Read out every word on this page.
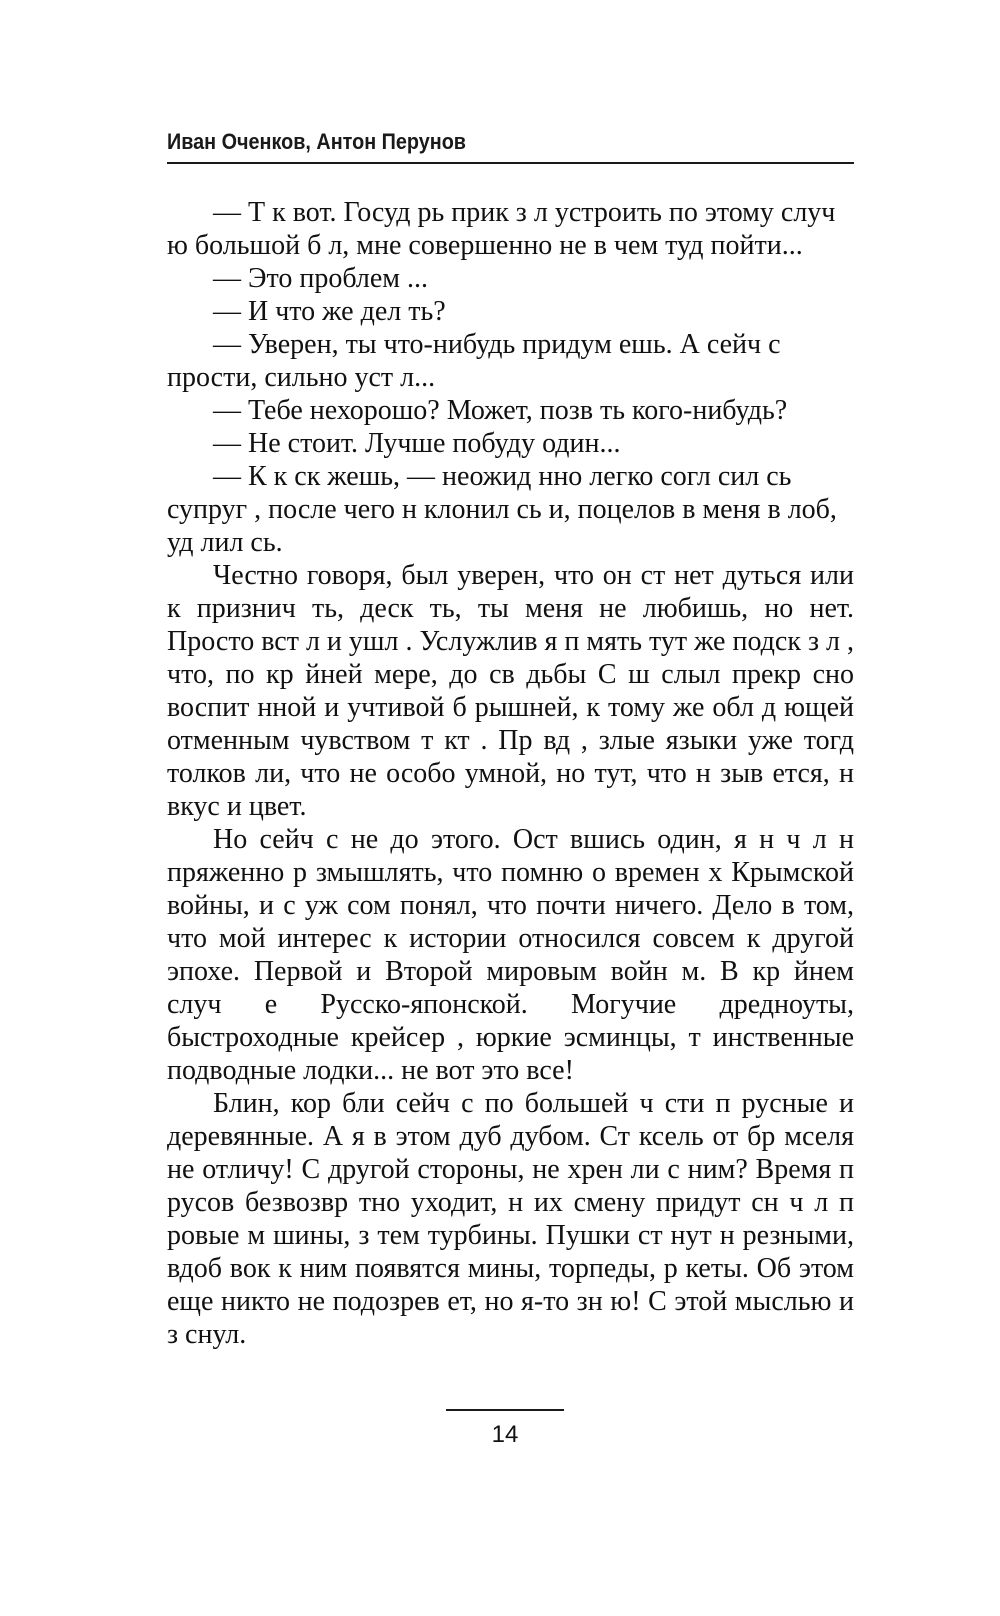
Иван Оченков, Антон Перунов

— Т к вот. Госуд рь прик з л устроить по этому случ ю большой б л, мне совершенно не в чем туд пойти...

— Это проблем ...

— И что же дел ть?

— Уверен, ты что-нибудь придум ешь. А сейч с прости, сильно уст л...

— Тебе нехорошо? Может, позв ть кого-нибудь?

— Не стоит. Лучше побуду один...

— К к ск жешь, — неожид нно легко согл сил сь супруг , после чего н клонил сь и, поцелов в меня в лоб, уд лил сь.

Честно говоря, был уверен, что он ст нет дуться или к признич ть, деск ть, ты меня не любишь, но нет. Просто вст л и ушл . Услужлив я п мять тут же подск з л , что, по кр йней мере, до св дьбы С ш слыл прекр сно воспит нной и учтивой б рышней, к тому же обл д ющей отменным чувством т кт . Пр вд , злые языки уже тогд толков ли, что не особо умной, но тут, что н зыв ется, н вкус и цвет.

Но сейч с не до этого. Ост вшись один, я н ч л н пряженно р змышлять, что помню о времен х Крымской войны, и с уж сом понял, что почти ничего. Дело в том, что мой интерес к истории относился совсем к другой эпохе. Первой и Второй мировым войн м. В кр йнем случ е Русско-японской. Могучие дредноуты, быстроходные крейсер , юркие эсминцы, т инственные подводные лодки... не вот это все!

Блин, кор бли сейч с по большей ч сти п русные и деревянные. А я в этом дуб дубом. Ст ксель от бр мселя не отличу! С другой стороны, не хрен ли с ним? Время п русов безвозвр тно уходит, н их смену придут сн ч л п ровые м шины, з тем турбины. Пушки ст нут н резными, вдоб вок к ним появятся мины, торпеды, р кеты. Об этом еще никто не подозрев ет, но я-то зн ю! С этой мыслью и з снул.

14
